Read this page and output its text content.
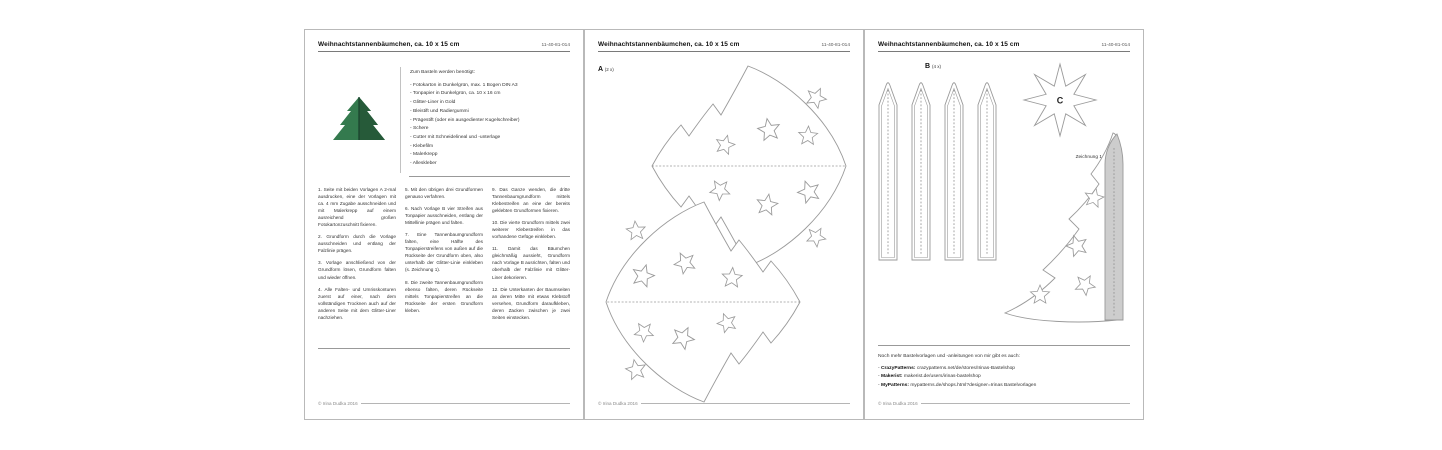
Weihnachtstannenbäumchen, ca. 10 x 15 cm	11-40-81-014
Zum Basteln werden benötigt:
- Fotokarton in Dunkelgrün, max. 1 Bogen DIN A3
- Tonpapier in Dunkelgrün, ca. 10 x 16 cm
- Glitter-Liner in Gold
- Bleistift und Radiergummi
- Prägestift (oder ein ausgedienter Kugelschreiber)
- Schere
- Cutter mit Schneidelineal und -unterlage
- Klebefilm
- Malerkrepp
- Alleskleber

1. Seite mit beiden Vorlagen A 2-mal ausdrucken, eine der Vorlagen mit ca. 4 mm Zugabe ausschneiden und mit Malerkrepp auf einem ausreichend großen Fotokartonzuschnitt fixieren.

2. Grundform durch die Vorlage ausschneiden und entlang der Falzlinie prägen.

3. Vorlage anschließend von der Grundform lösen, Grundform falten und wieder öffnen.

4. Alle Falten- und Umrisskonturen zuerst auf einer, nach dem vollständigen Trocknen auch auf der anderen Seite mit dem Glitter-Liner nachziehen.

5. Mit den übrigen drei Grundformen genauso verfahren.

6. Nach Vorlage B vier Streifen aus Tonpapier ausschneiden, entlang der Mittellinie prägen und falten.

7. Eine Tannenbaumgrundform falten, eine Hälfte des Tonpapierstreifens von außen auf die Rückseite der Grundform oben, also unterhalb der Glitter-Linie einkleben (s. Zeichnung 1).

8. Die zweite Tannenbaumgrundform ebenso falten, deren Rückseite mittels Tonpapierstreifen an die Rückseite der ersten Grundform kleben.

9. Das Ganze wenden, die dritte Tannenbaumgrundform mittels Klebestreifen an eine der bereits geklebten Grundformen fixieren.

10. Die vierte Grundform mittels zwei weiterer Klebestreifen in das vorhandene Gefüge einkleben.

11. Damit das Bäumchen gleichmäßig aussieht, Grundform nach Vorlage B ausrichten, falten und oberhalb der Falzlinie mit Glitter-Liner dekorieren.

12. Die Unterkanten der Baumseiten an deren Mitte mit etwas Klebstoff versehen, Grundform daraufkleben, deren Zacken zwischen je zwei Seiten einstecken.

© Irina Dudka 2016
Weihnachtstannenbäumchen, ca. 10 x 15 cm	11-40-81-014
A (2 x)
© Irina Dudka 2016
Weihnachtstannenbäumchen, ca. 10 x 15 cm	11-40-81-014
B (4 x)
C
Zeichnung 1
Noch mehr Bastelvorlagen und -anleitungen von mir gibt es auch:
- CrazyPatterns: crazypatterns.net/de/stores/Irinas-Bastelshop
- Makerist: makerist.de/users/irinas-bastelshop
- MyPatterns: mypatterns.de/shops.html?designer=Irinas Bastelvorlagen
© Irina Dudka 2016
